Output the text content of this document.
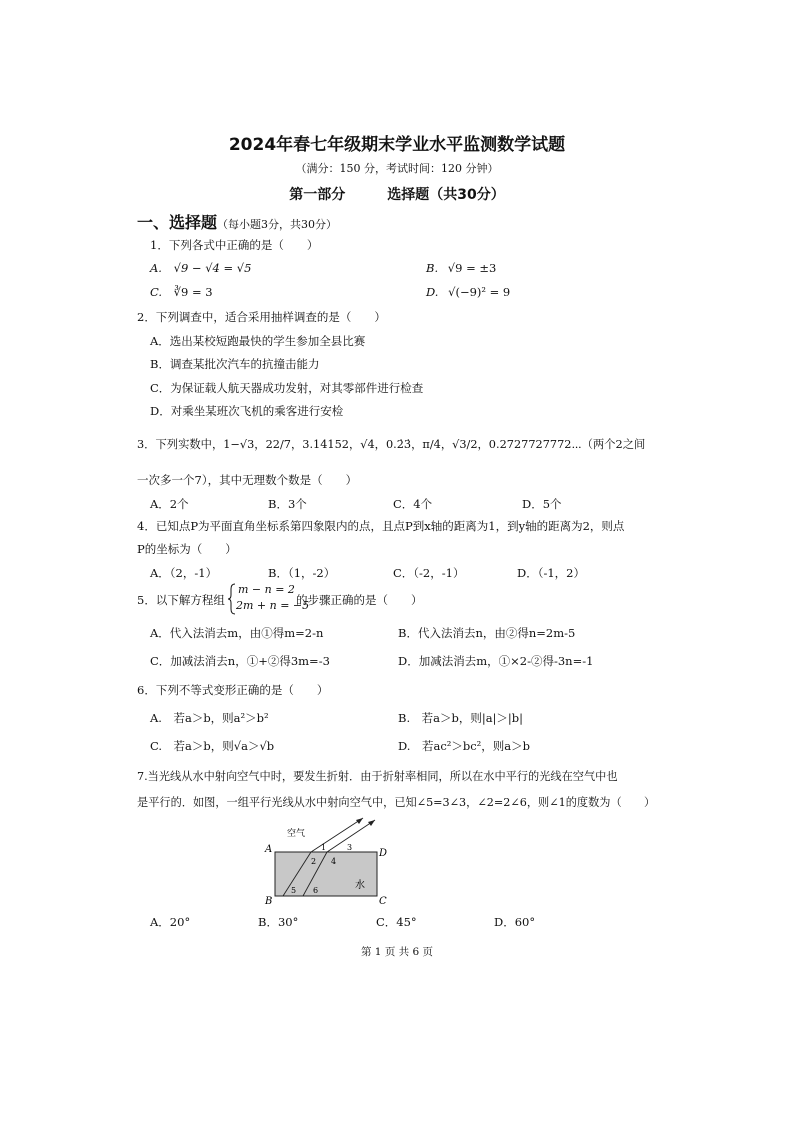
2024年春七年级期末学业水平监测数学试题
（满分：150 分，考试时间：120 分钟）
第一部分　　　选择题（共30分）
一、选择题（每小题3分，共30分）
1．下列各式中正确的是（　　）
A. √9 − √4 = √5	B. √9 = ±3
C. ∛9 = 3	D. √(−9)² = 9
2．下列调查中，适合采用抽样调查的是（　　）
A．选出某校短跑最快的学生参加全县比赛
B．调查某批次汽车的抗撞击能力
C．为保证载人航天器成功发射，对其零部件进行检查
D．对乘坐某班次飞机的乘客进行安检
3．下列实数中，1−√3，22/7，3.14152，√4，0.2̇3̇，π/4，√3/2，0.2727727772⋯（两个2之间
一次多一个7），其中无理数个数是（　　）
A．2个	B．3个	C．4个	D．5个
4．已知点P为平面直角坐标系第四象限内的点，且点P到x轴的距离为1，到y轴的距离为2，则点
P的坐标为（　　）
A．（2，-1）	B．（1，-2）	C．（-2，-1）	D．（-1，2）
5．以下解方程组
m − n = 2
2m + n = −5
的步骤正确的是（　　）
A．代入法消去m，由①得m=2-n	B．代入法消去n，由②得n=2m-5
C．加减法消去n，①+②得3m=-3	D．加减法消去m，①×2-②得-3n=-1
6．下列不等式变形正确的是（　　）
A.　若a＞b，则a²＞b²	B.　若a＞b，则|a|＞|b|
C.　若a＞b，则√a＞√b	D.　若ac²＞bc²，则a＞b
7.当光线从水中射向空气中时，要发生折射．由于折射率相同，所以在水中平行的光线在空气中也
是平行的．如图，一组平行光线从水中射向空气中，已知∠5=3∠3，∠2=2∠6，则∠1的度数为（　　）
空气
水
A
B	C
D
1
2
3
4
5 6
A．20°	B．30°	C．45°	D．60°
第 1 页 共 6 页
